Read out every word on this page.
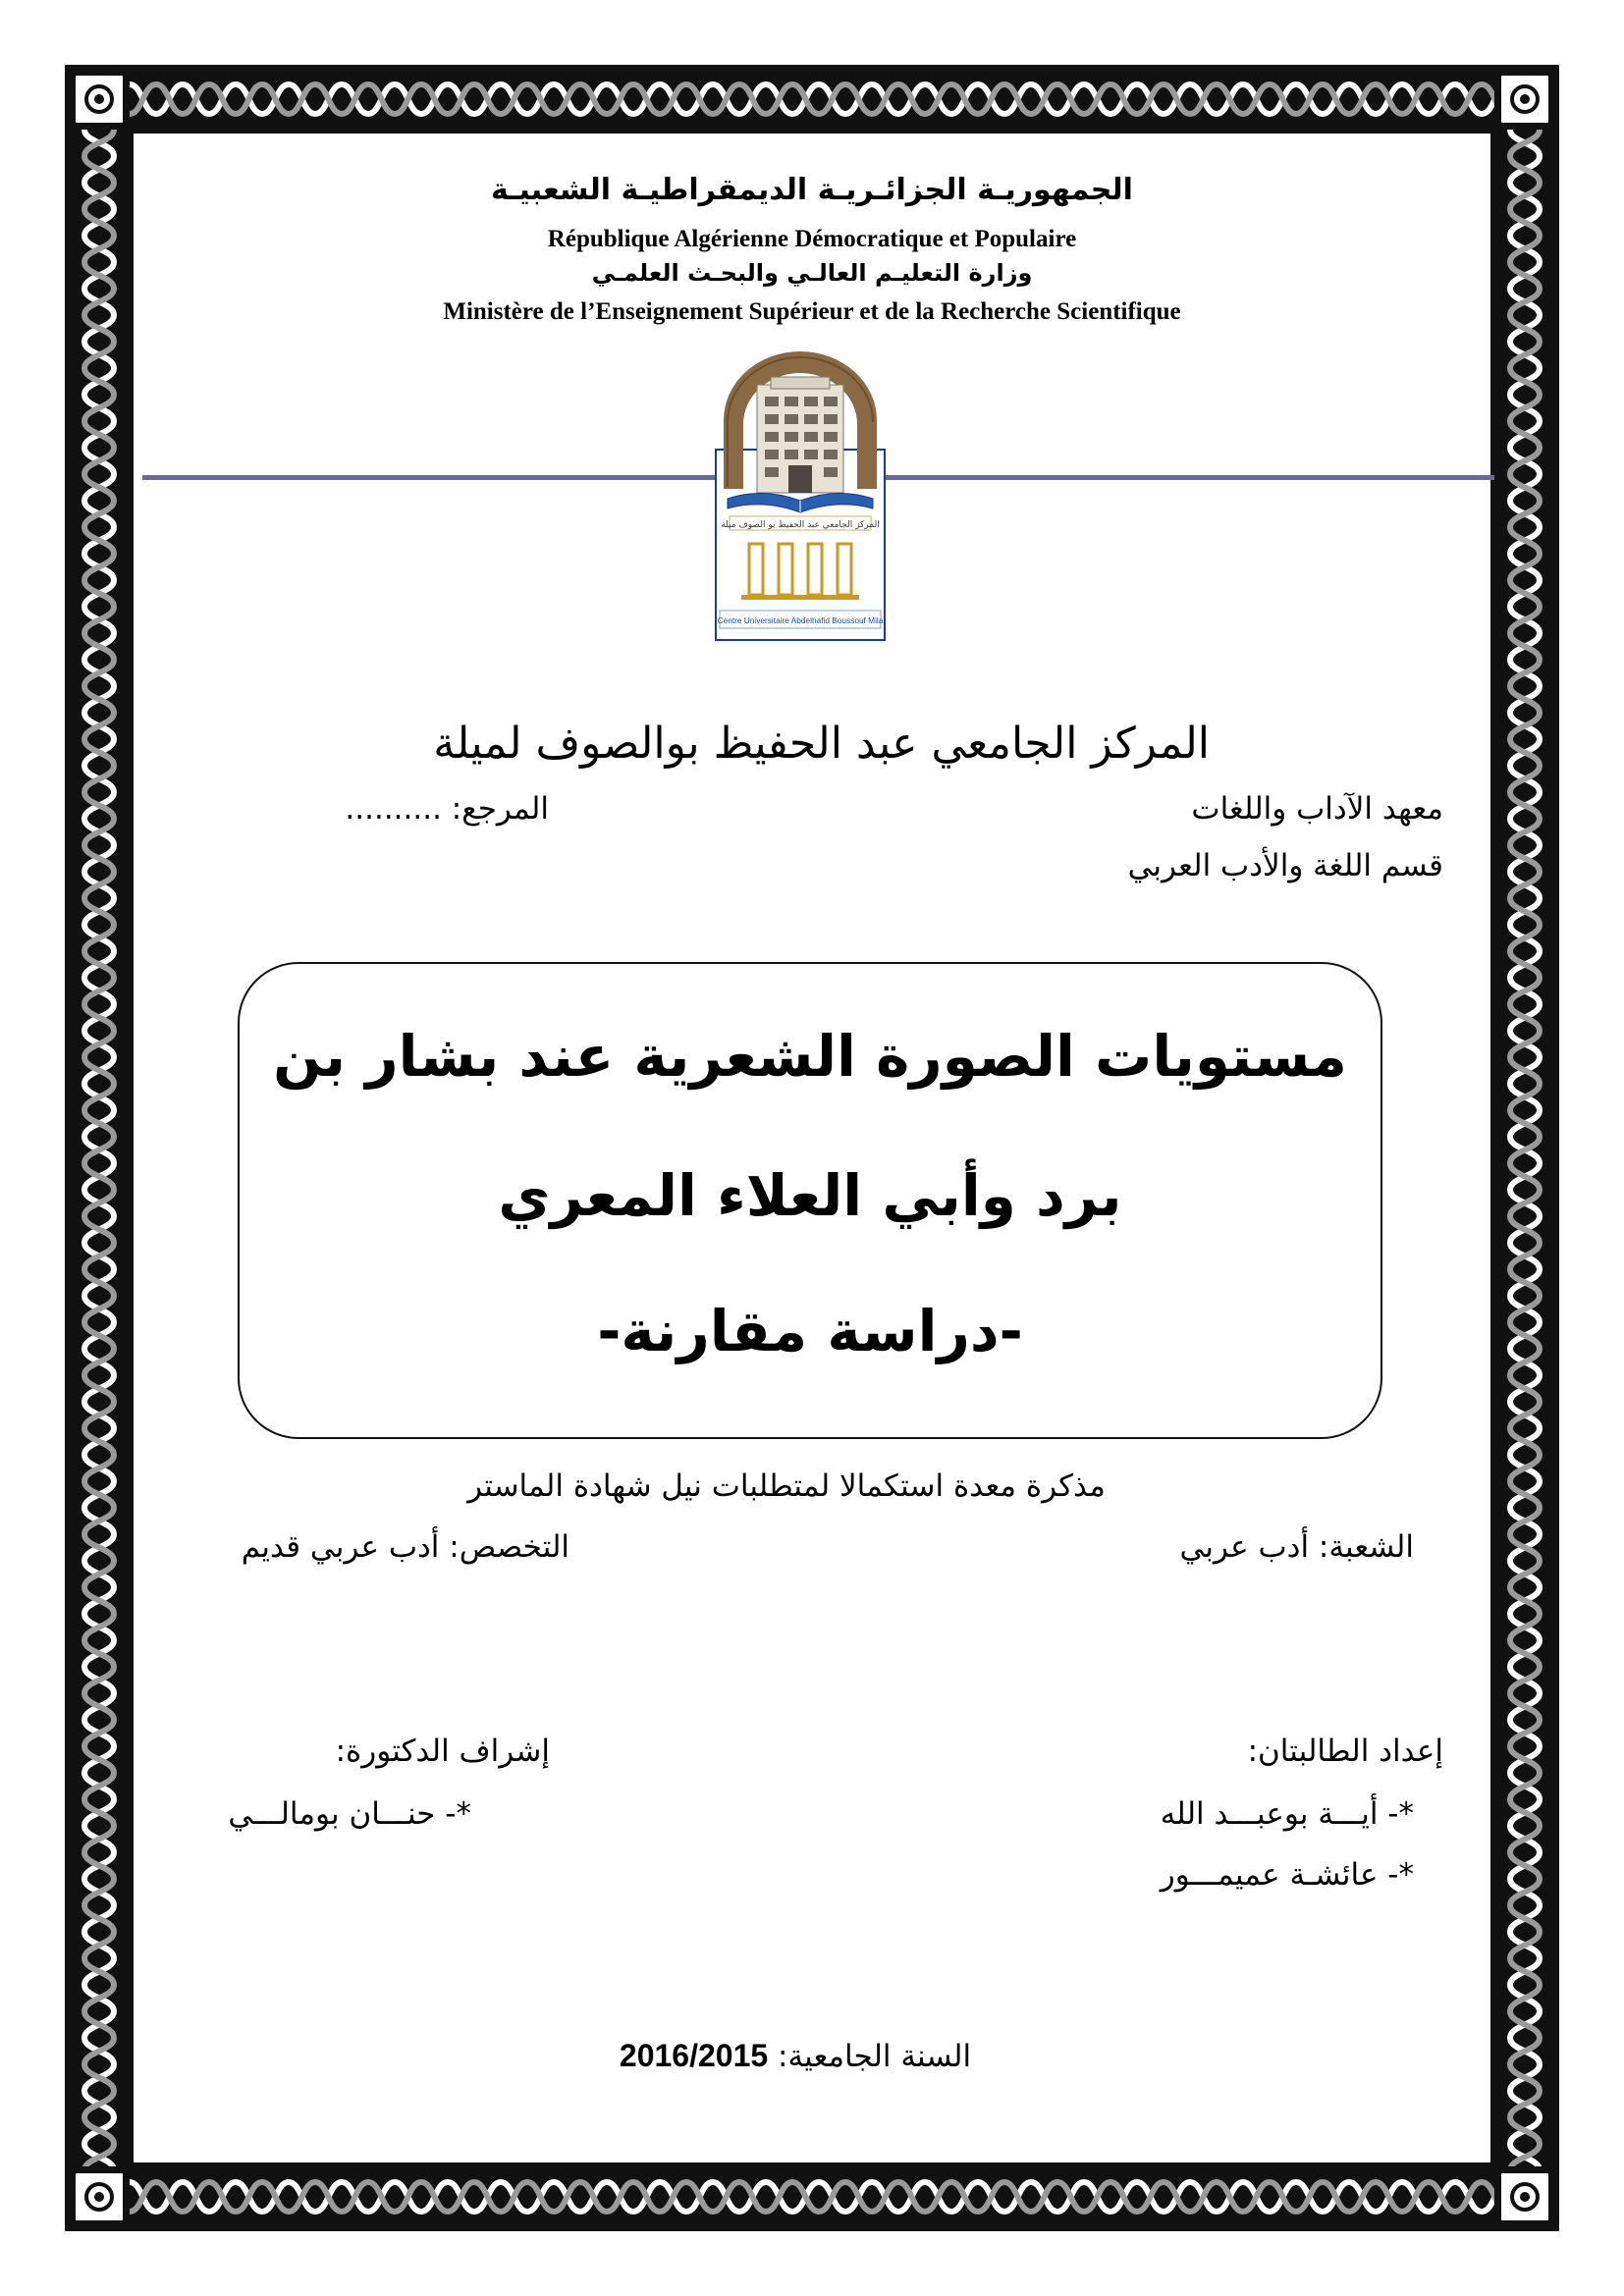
الجمهوريـة الجزائـريـة الديمقراطيـة الشعبيـة
République Algérienne Démocratique et Populaire
وزارة التعليـم العالـي والبحـث العلمـي
Ministère de l’Enseignement Supérieur et de la Recherche Scientifique
المركز الجامعي عبد الحفيظ بو الصوف ميلة
Centre Universitaire Abdelhafid Boussouf Mila
المركز الجامعي عبد الحفيظ بوالصوف لميلة
معهد الآداب واللغات
المرجع: ..........
قسم اللغة والأدب العربي
مستويات الصورة الشعرية عند بشار بن
برد وأبي العلاء المعري
-دراسة مقارنة-
مذكرة معدة استكمالا لمتطلبات نيل شهادة الماستر
الشعبة: أدب عربي
التخصص: أدب عربي قديم
إعداد الطالبتان:
إشراف الدكتورة:
*- أيـــة بوعبـــد الله
*- حنـــان بومالـــي
*- عائشـة عميمـــور
السنة الجامعية: 2016/2015
